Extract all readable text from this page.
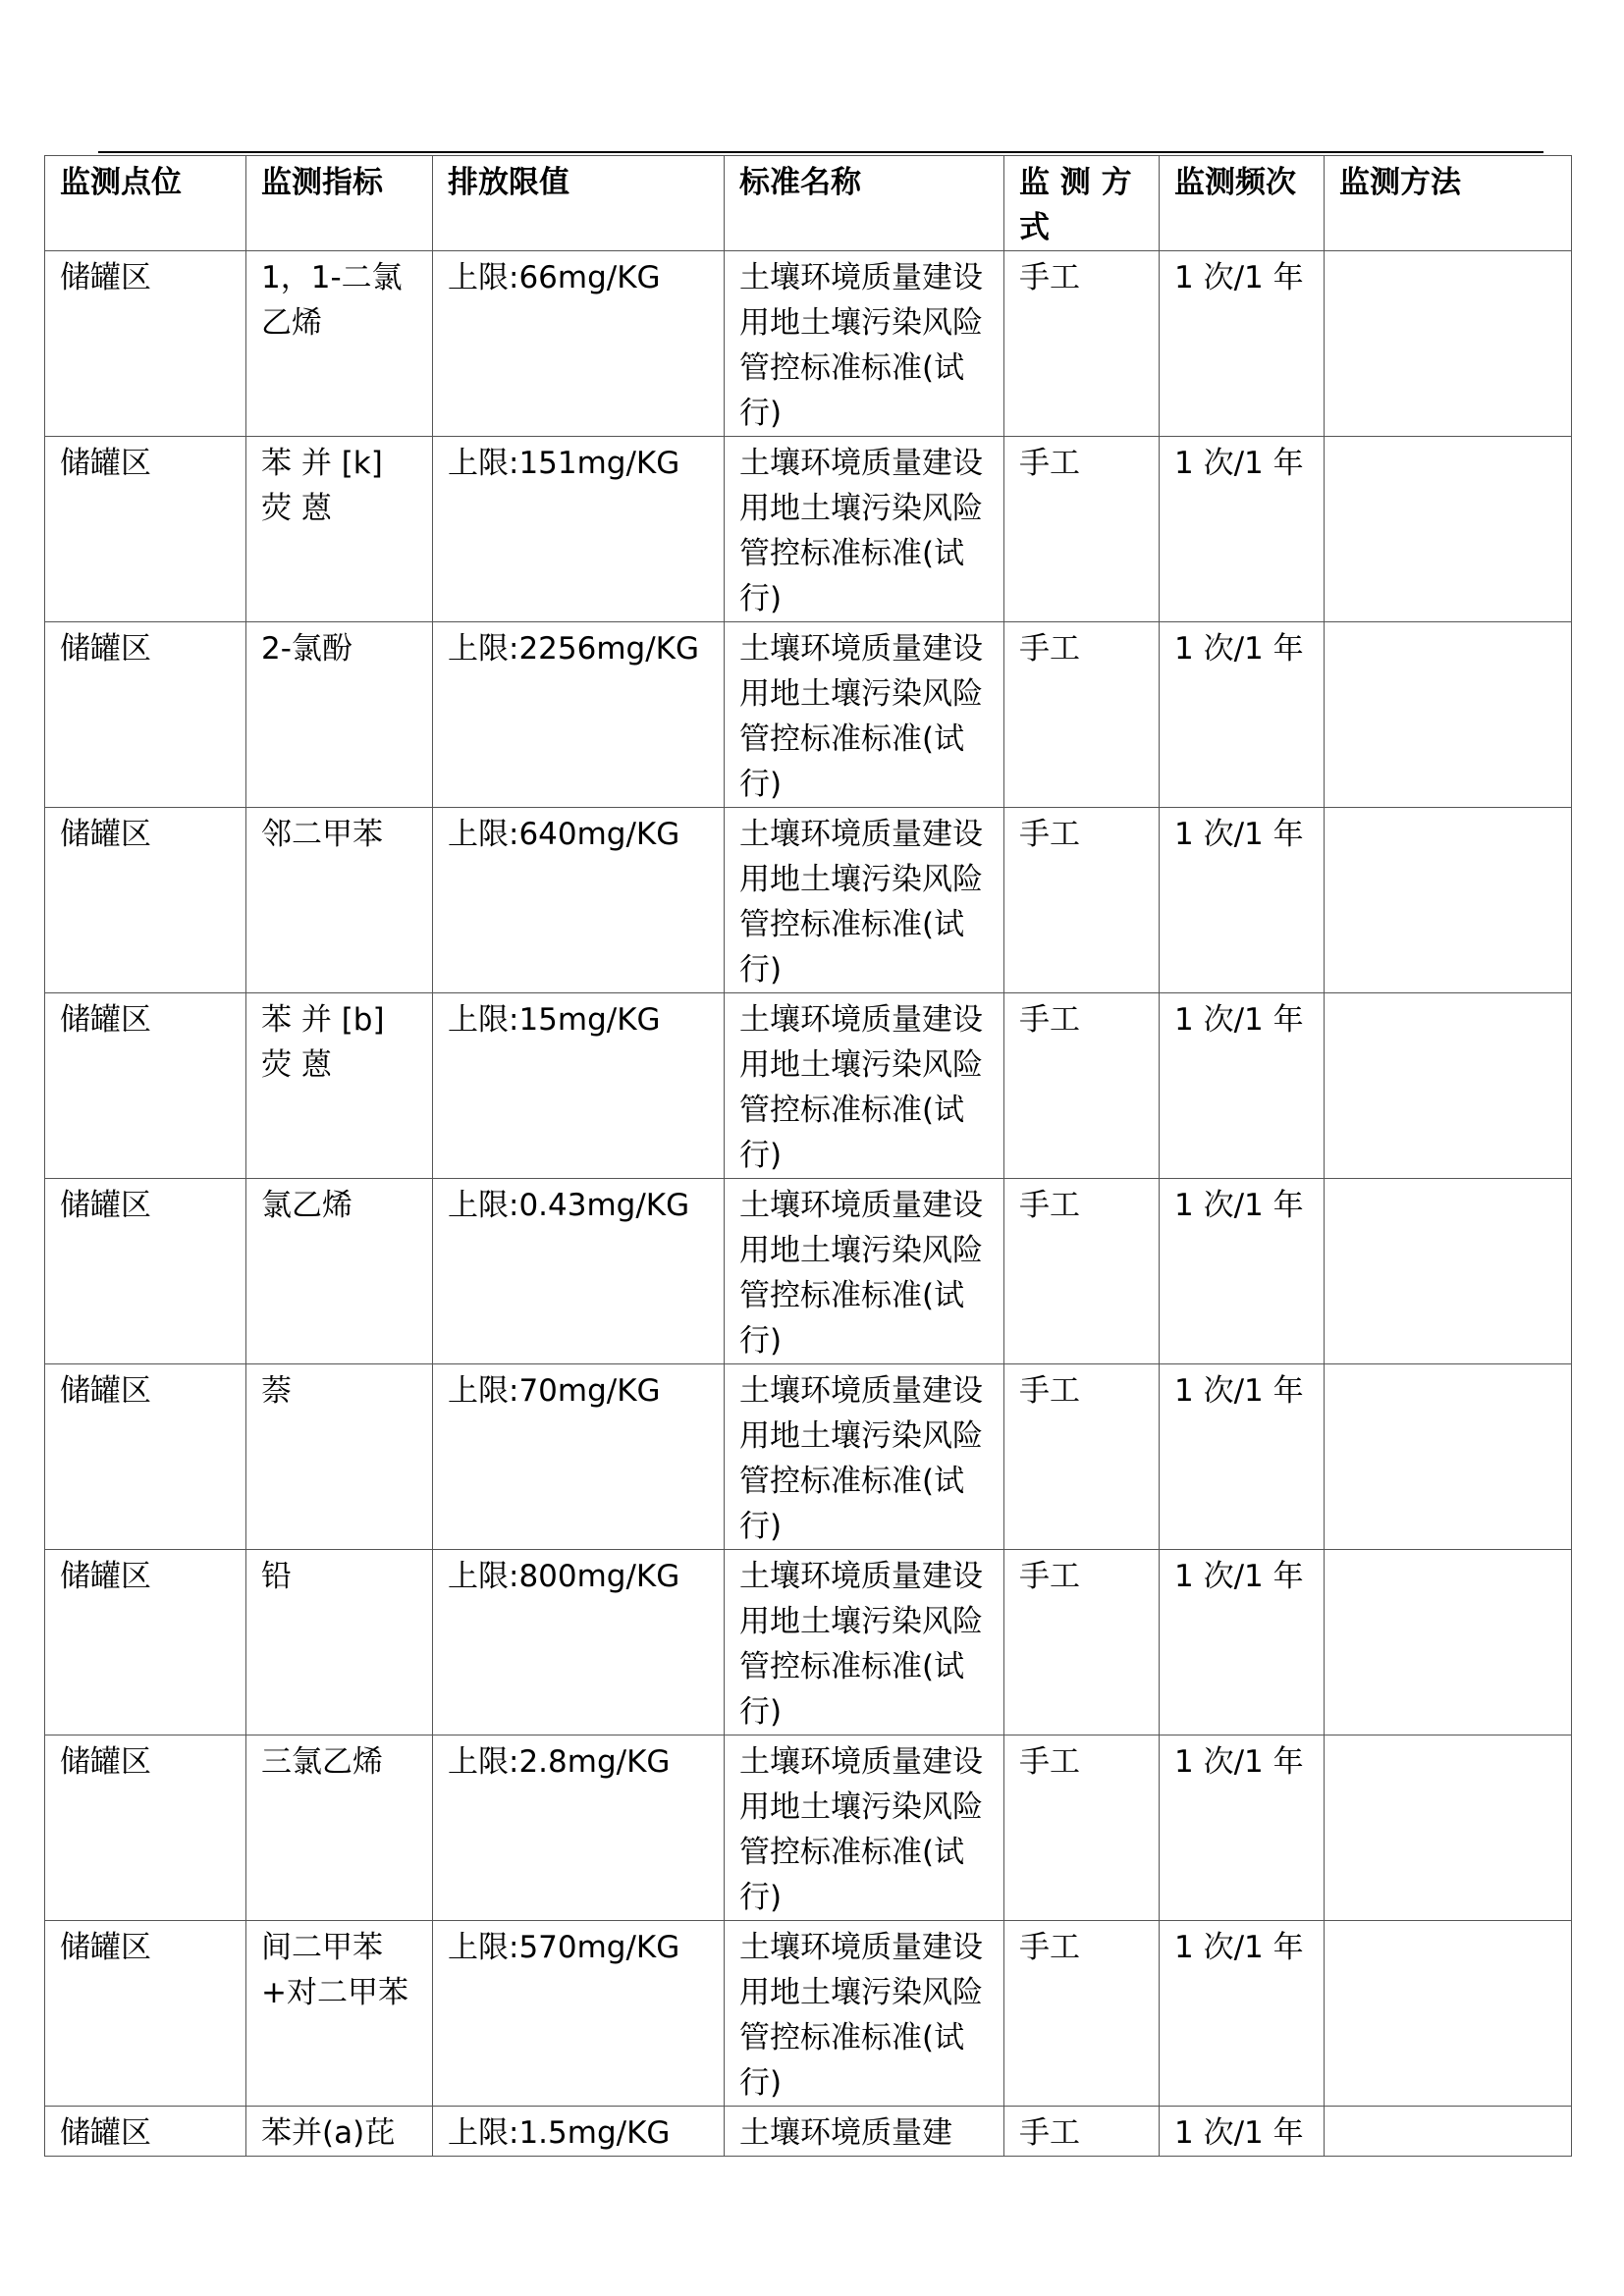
监测点位	监测指标	排放限值	标准名称	监 测 方 式	监测频次	监测方法
储罐区	1，1-二氯乙烯	上限:66mg/KG	土壤环境质量建设用地土壤污染风险管控标准标准(试行)	手工	1 次/1 年	
储罐区	苯 并 [k] 荧 蒽	上限:151mg/KG	土壤环境质量建设用地土壤污染风险管控标准标准(试行)	手工	1 次/1 年	
储罐区	2-氯酚	上限:2256mg/KG	土壤环境质量建设用地土壤污染风险管控标准标准(试行)	手工	1 次/1 年	
储罐区	邻二甲苯	上限:640mg/KG	土壤环境质量建设用地土壤污染风险管控标准标准(试行)	手工	1 次/1 年	
储罐区	苯 并 [b] 荧 蒽	上限:15mg/KG	土壤环境质量建设用地土壤污染风险管控标准标准(试行)	手工	1 次/1 年	
储罐区	氯乙烯	上限:0.43mg/KG	土壤环境质量建设用地土壤污染风险管控标准标准(试行)	手工	1 次/1 年	
储罐区	萘	上限:70mg/KG	土壤环境质量建设用地土壤污染风险管控标准标准(试行)	手工	1 次/1 年	
储罐区	铅	上限:800mg/KG	土壤环境质量建设用地土壤污染风险管控标准标准(试行)	手工	1 次/1 年	
储罐区	三氯乙烯	上限:2.8mg/KG	土壤环境质量建设用地土壤污染风险管控标准标准(试行)	手工	1 次/1 年	
储罐区	间二甲苯+对二甲苯	上限:570mg/KG	土壤环境质量建设用地土壤污染风险管控标准标准(试行)	手工	1 次/1 年	
储罐区	苯并(a)芘	上限:1.5mg/KG	土壤环境质量建	手工	1 次/1 年	
